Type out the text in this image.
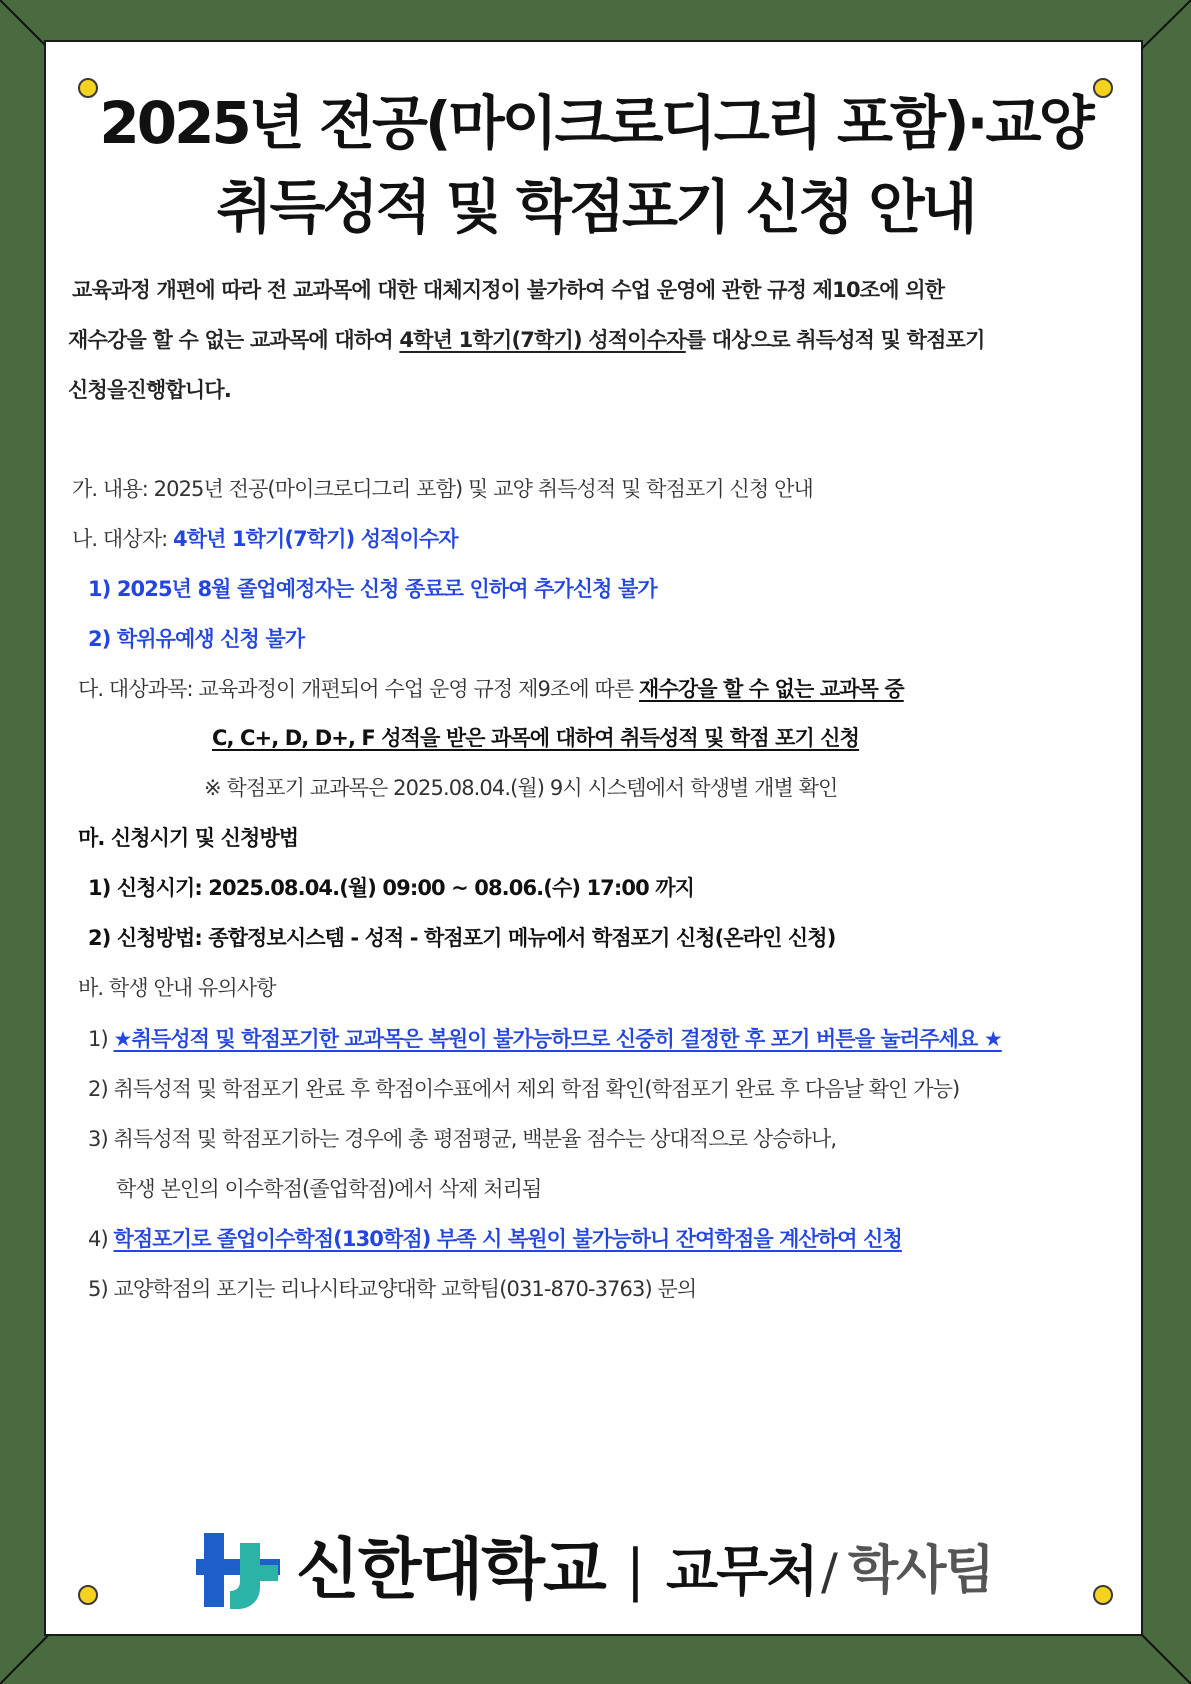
2025년 전공(마이크로디그리 포함)·교양
취득성적 및 학점포기 신청 안내
교육과정 개편에 따라 전 교과목에 대한 대체지정이 불가하여 수업 운영에 관한 규정 제10조에 의한
재수강을 할 수 없는 교과목에 대하여 4학년 1학기(7학기) 성적이수자를 대상으로 취득성적 및 학점포기
신청을진행합니다.
가. 내용: 2025년 전공(마이크로디그리 포함) 및 교양 취득성적 및 학점포기 신청 안내
나. 대상자: 4학년 1학기(7학기) 성적이수자
1) 2025년 8월 졸업예정자는 신청 종료로 인하여 추가신청 불가
2) 학위유예생 신청 불가
다. 대상과목: 교육과정이 개편되어 수업 운영 규정 제9조에 따른 재수강을 할 수 없는 교과목 중
C, C+, D, D+, F 성적을 받은 과목에 대하여 취득성적 및 학점 포기 신청
※ 학점포기 교과목은 2025.08.04.(월) 9시 시스템에서 학생별 개별 확인
마. 신청시기 및 신청방법
1) 신청시기: 2025.08.04.(월) 09:00 ~ 08.06.(수) 17:00 까지
2) 신청방법: 종합정보시스템 - 성적 - 학점포기 메뉴에서 학점포기 신청(온라인 신청)
바. 학생 안내 유의사항
1) ★취득성적 및 학점포기한 교과목은 복원이 불가능하므로 신중히 결정한 후 포기 버튼을 눌러주세요 ★
2) 취득성적 및 학점포기 완료 후 학점이수표에서 제외 학점 확인(학점포기 완료 후 다음날 확인 가능)
3) 취득성적 및 학점포기하는 경우에 총 평점평균, 백분율 점수는 상대적으로 상승하나,
학생 본인의 이수학점(졸업학점)에서 삭제 처리됨
4) 학점포기로 졸업이수학점(130학점) 부족 시 복원이 불가능하니 잔여학점을 계산하여 신청
5) 교양학점의 포기는 리나시타교양대학 교학팀(031-870-3763) 문의
신한대학교 | 교무처 / 학사팀
